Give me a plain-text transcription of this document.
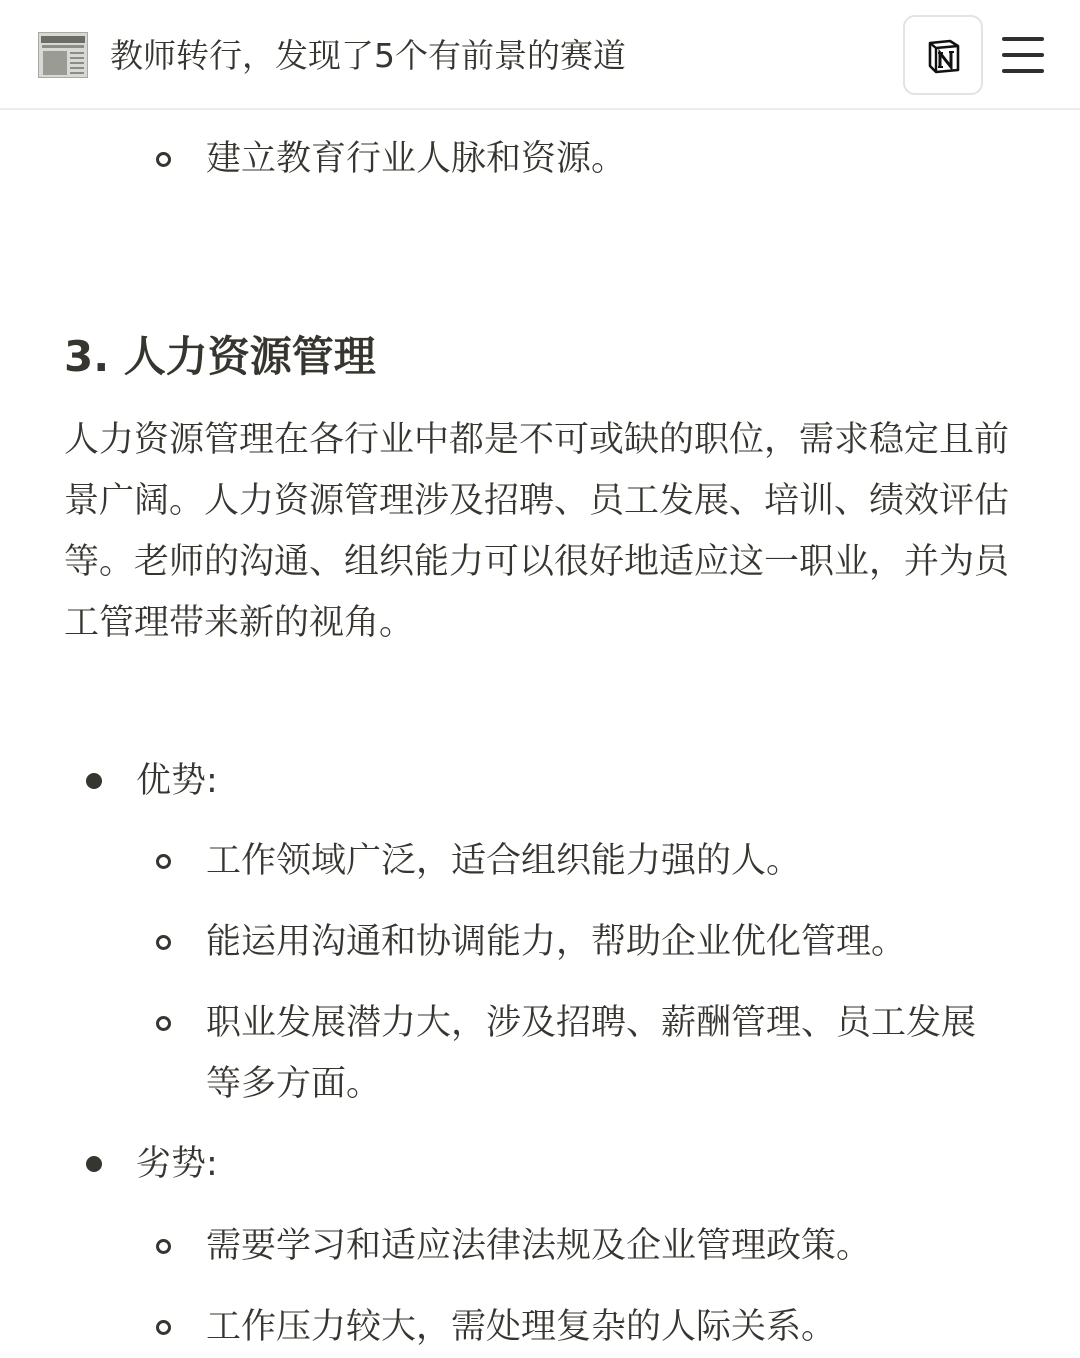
教师转行，发现了5个有前景的赛道
建立教育行业人脉和资源。
3. 人力资源管理
人力资源管理在各行业中都是不可或缺的职位，需求稳定且前景广阔。人力资源管理涉及招聘、员工发展、培训、绩效评估等。老师的沟通、组织能力可以很好地适应这一职业，并为员工管理带来新的视角。
优势:
工作领域广泛，适合组织能力强的人。
能运用沟通和协调能力，帮助企业优化管理。
职业发展潜力大，涉及招聘、薪酬管理、员工发展等多方面。
劣势:
需要学习和适应法律法规及企业管理政策。
工作压力较大，需处理复杂的人际关系。
